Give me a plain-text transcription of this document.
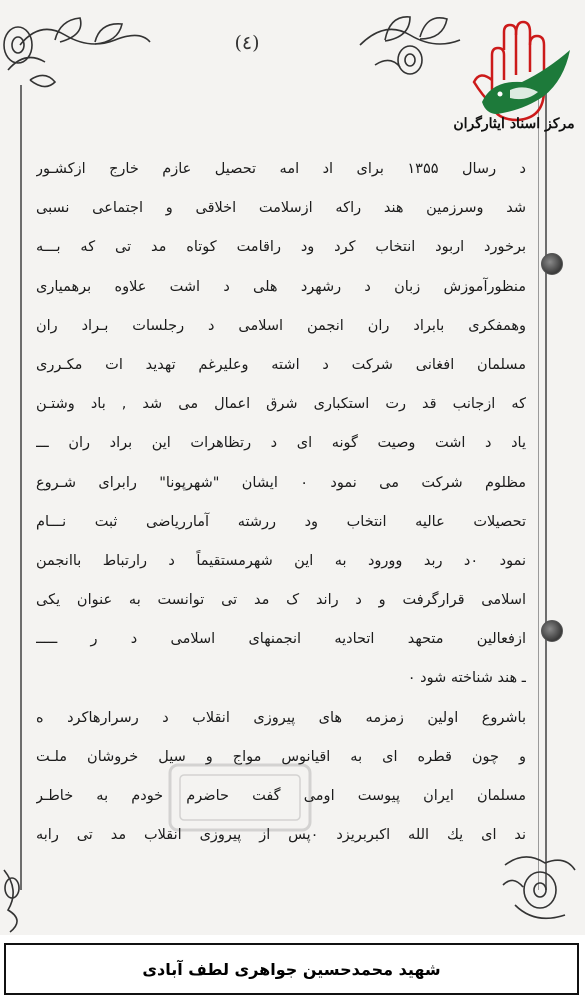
(٤)
مرکز اسناد ایثارگران
د رسال ۱۳۵۵ برای اد امه تحصیل عازم خارج ازکشـور
شد وسرزمین هند راکه ازسلامت اخلاقی و اجتماعی نسبی
برخورد اربود انتخاب کرد ود راقامت کوتاه مد تی که بـــه
منظورآموزش زبان د رشهرد هلی د اشت علاوه برهمیاری
وهمفکری بابراد ران انجمن اسلامی د رجلسات بـراد ران
مسلمان افغانی شرکت د اشته وعلیرغم تهدید ات مکـرری
که ازجانب قد رت استکباری شرق اعمال می شد , باد وشتـن
یاد د اشت وصیت گونه ای د رتظاهرات این براد ران ـــ
مظلوم شرکت می نمود ٠ ایشان "شهرپونا" رابرای شـروع
تحصیلات عالیه انتخاب ود ررشته آمارریاضی ثبت نـــام
نمود ٠د ربد وورود به این شهرمستقیماً د رارتباط باانجمن
اسلامی قرارگرفت و د راند ک مد تی توانست به عنوان یکی
ازفعالین متحهد اتحادیه انجمنهای اسلامی د ر ـــــ
ـ هند شناخته شود ٠
باشروع اولین زمزمه های پیروزی انقلاب د رسرارهاکرد ه
و چون قطره ای به اقیانوس مواج و سیل خروشان ملـت
مسلمان ایران پیوست اومی گفت حاضرم خودم به خاطـر
ند ای یك الله اکبربریزد ٠پس از پیروزی انقلاب مد تی رابه
شهید محمدحسین جواهری لطف آبادی
